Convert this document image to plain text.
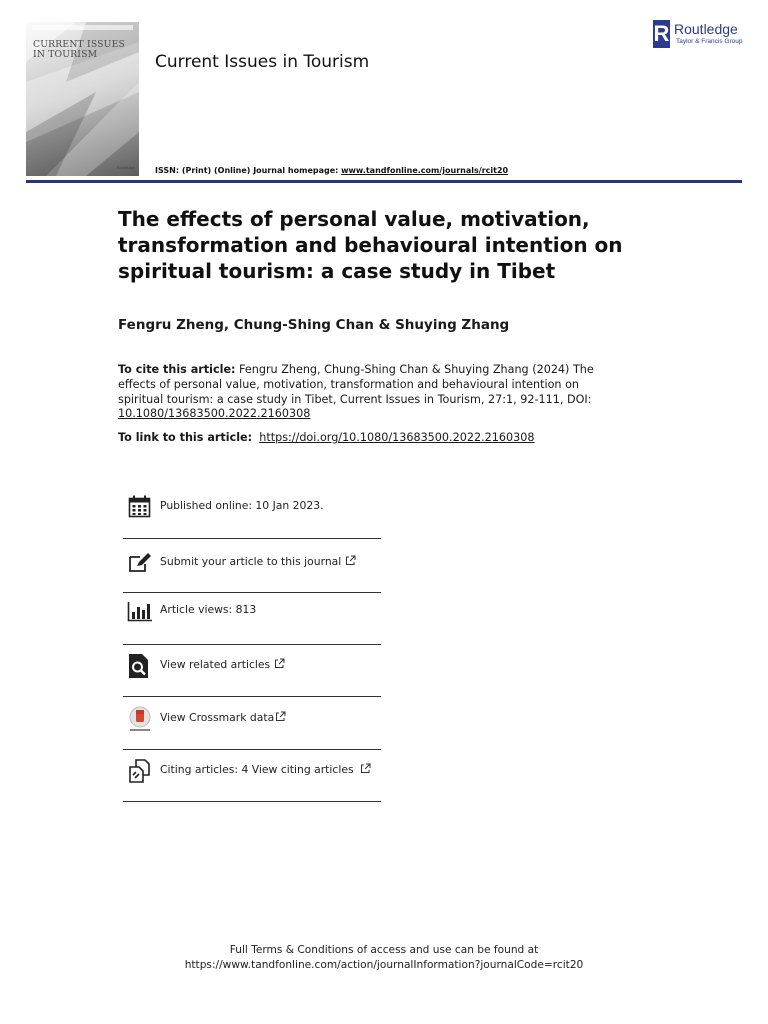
CURRENT ISSUES IN TOURISM
Routledge
Current Issues in Tourism
ISSN: (Print) (Online) Journal homepage: www.tandfonline.com/journals/rcit20
R Routledge
Taylor & Francis Group
The effects of personal value, motivation, transformation and behavioural intention on spiritual tourism: a case study in Tibet
Fengru Zheng, Chung-Shing Chan & Shuying Zhang
To cite this article: Fengru Zheng, Chung-Shing Chan & Shuying Zhang (2024) The effects of personal value, motivation, transformation and behavioural intention on spiritual tourism: a case study in Tibet, Current Issues in Tourism, 27:1, 92-111, DOI: 10.1080/13683500.2022.2160308
To link to this article: https://doi.org/10.1080/13683500.2022.2160308
Published online: 10 Jan 2023.
Submit your article to this journal
Article views: 813
View related articles
View Crossmark data
Citing articles: 4 View citing articles
Full Terms & Conditions of access and use can be found at
https://www.tandfonline.com/action/journalInformation?journalCode=rcit20
